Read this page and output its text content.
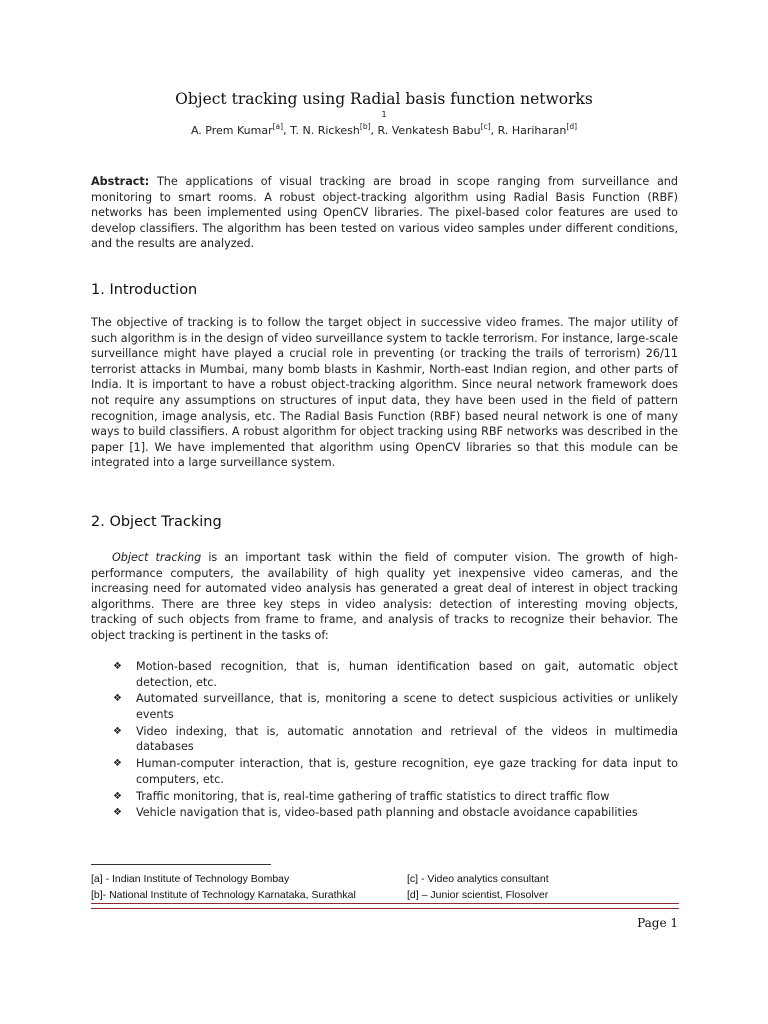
Object tracking using Radial basis function networks
1
A. Prem Kumar[a], T. N. Rickesh[b], R. Venkatesh Babu[c], R. Hariharan[d]
Abstract: The applications of visual tracking are broad in scope ranging from surveillance and monitoring to smart rooms. A robust object-tracking algorithm using Radial Basis Function (RBF) networks has been implemented using OpenCV libraries. The pixel-based color features are used to develop classifiers. The algorithm has been tested on various video samples under different conditions, and the results are analyzed.
1. Introduction
The objective of tracking is to follow the target object in successive video frames. The major utility of such algorithm is in the design of video surveillance system to tackle terrorism. For instance, large-scale surveillance might have played a crucial role in preventing (or tracking the trails of terrorism) 26/11 terrorist attacks in Mumbai, many bomb blasts in Kashmir, North-east Indian region, and other parts of India. It is important to have a robust object-tracking algorithm. Since neural network framework does not require any assumptions on structures of input data, they have been used in the field of pattern recognition, image analysis, etc. The Radial Basis Function (RBF) based neural network is one of many ways to build classifiers. A robust algorithm for object tracking using RBF networks was described in the paper [1]. We have implemented that algorithm using OpenCV libraries so that this module can be integrated into a large surveillance system.
2. Object Tracking
Object tracking is an important task within the field of computer vision. The growth of high-performance computers, the availability of high quality yet inexpensive video cameras, and the increasing need for automated video analysis has generated a great deal of interest in object tracking algorithms. There are three key steps in video analysis: detection of interesting moving objects, tracking of such objects from frame to frame, and analysis of tracks to recognize their behavior. The object tracking is pertinent in the tasks of:
❖ Motion-based recognition, that is, human identification based on gait, automatic object detection, etc.
❖ Automated surveillance, that is, monitoring a scene to detect suspicious activities or unlikely events
❖ Video indexing, that is, automatic annotation and retrieval of the videos in multimedia databases
❖ Human-computer interaction, that is, gesture recognition, eye gaze tracking for data input to computers, etc.
❖ Traffic monitoring, that is, real-time gathering of traffic statistics to direct traffic flow
❖ Vehicle navigation that is, video-based path planning and obstacle avoidance capabilities
[a] - Indian Institute of Technology Bombay
[b]- National Institute of Technology Karnataka, Surathkal
[c] - Video analytics consultant
[d] – Junior scientist, Flosolver
Page 1
